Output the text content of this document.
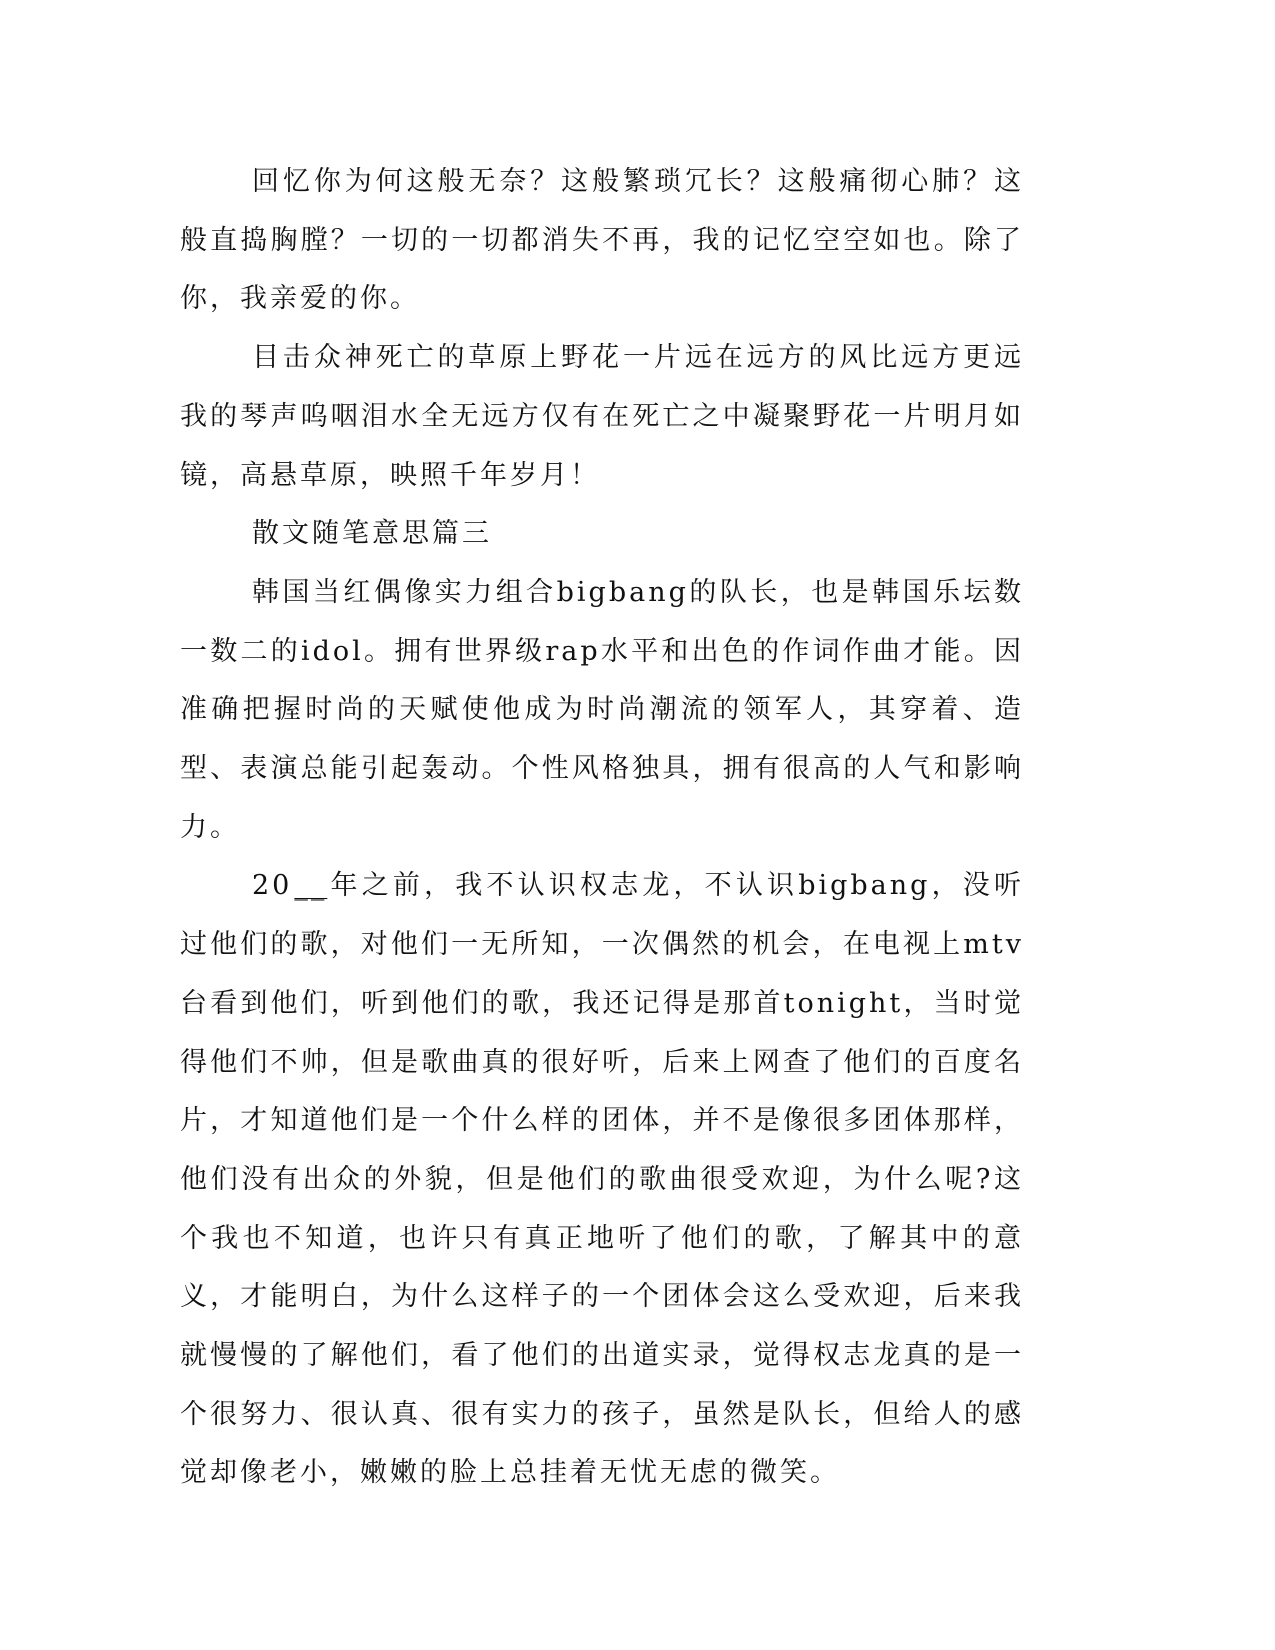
回忆你为何这般无奈？这般繁琐冗长？这般痛彻心肺？这般直捣胸膛？一切的一切都消失不再，我的记忆空空如也。除了你，我亲爱的你。

目击众神死亡的草原上野花一片远在远方的风比远方更远我的琴声呜咽泪水全无远方仅有在死亡之中凝聚野花一片明月如镜，高悬草原，映照千年岁月！

散文随笔意思篇三

韩国当红偶像实力组合bigbang的队长，也是韩国乐坛数一数二的idol。拥有世界级rap水平和出色的作词作曲才能。因准确把握时尚的天赋使他成为时尚潮流的领军人，其穿着、造型、表演总能引起轰动。个性风格独具，拥有很高的人气和影响力。

20__年之前，我不认识权志龙，不认识bigbang，没听过他们的歌，对他们一无所知，一次偶然的机会，在电视上mtv台看到他们，听到他们的歌，我还记得是那首tonight，当时觉得他们不帅，但是歌曲真的很好听，后来上网查了他们的百度名片，才知道他们是一个什么样的团体，并不是像很多团体那样，他们没有出众的外貌，但是他们的歌曲很受欢迎，为什么呢?这个我也不知道，也许只有真正地听了他们的歌，了解其中的意义，才能明白，为什么这样子的一个团体会这么受欢迎，后来我就慢慢的了解他们，看了他们的出道实录，觉得权志龙真的是一个很努力、很认真、很有实力的孩子，虽然是队长，但给人的感觉却像老小，嫩嫩的脸上总挂着无忧无虑的微笑。
